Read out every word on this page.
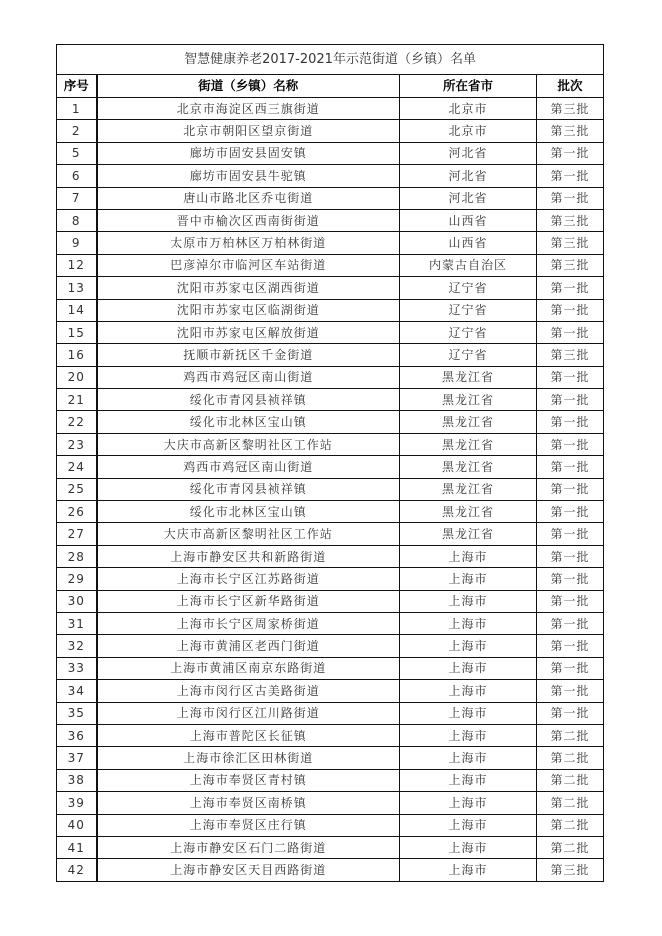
智慧健康养老2017-2021年示范街道（乡镇）名单			
序号	街道（乡镇）名称	所在省市	批次
1	北京市海淀区西三旗街道	北京市	第三批
2	北京市朝阳区望京街道	北京市	第三批
5	廊坊市固安县固安镇	河北省	第一批
6	廊坊市固安县牛驼镇	河北省	第一批
7	唐山市路北区乔屯街道	河北省	第一批
8	晋中市榆次区西南街街道	山西省	第三批
9	太原市万柏林区万柏林街道	山西省	第三批
12	巴彦淖尔市临河区车站街道	内蒙古自治区	第三批
13	沈阳市苏家屯区湖西街道	辽宁省	第一批
14	沈阳市苏家屯区临湖街道	辽宁省	第一批
15	沈阳市苏家屯区解放街道	辽宁省	第一批
16	抚顺市新抚区千金街道	辽宁省	第三批
20	鸡西市鸡冠区南山街道	黑龙江省	第一批
21	绥化市青冈县祯祥镇	黑龙江省	第一批
22	绥化市北林区宝山镇	黑龙江省	第一批
23	大庆市高新区黎明社区工作站	黑龙江省	第一批
24	鸡西市鸡冠区南山街道	黑龙江省	第一批
25	绥化市青冈县祯祥镇	黑龙江省	第一批
26	绥化市北林区宝山镇	黑龙江省	第一批
27	大庆市高新区黎明社区工作站	黑龙江省	第一批
28	上海市静安区共和新路街道	上海市	第一批
29	上海市长宁区江苏路街道	上海市	第一批
30	上海市长宁区新华路街道	上海市	第一批
31	上海市长宁区周家桥街道	上海市	第一批
32	上海市黄浦区老西门街道	上海市	第一批
33	上海市黄浦区南京东路街道	上海市	第一批
34	上海市闵行区古美路街道	上海市	第一批
35	上海市闵行区江川路街道	上海市	第一批
36	上海市普陀区长征镇	上海市	第二批
37	上海市徐汇区田林街道	上海市	第二批
38	上海市奉贤区青村镇	上海市	第二批
39	上海市奉贤区南桥镇	上海市	第二批
40	上海市奉贤区庄行镇	上海市	第二批
41	上海市静安区石门二路街道	上海市	第二批
42	上海市静安区天目西路街道	上海市	第三批
